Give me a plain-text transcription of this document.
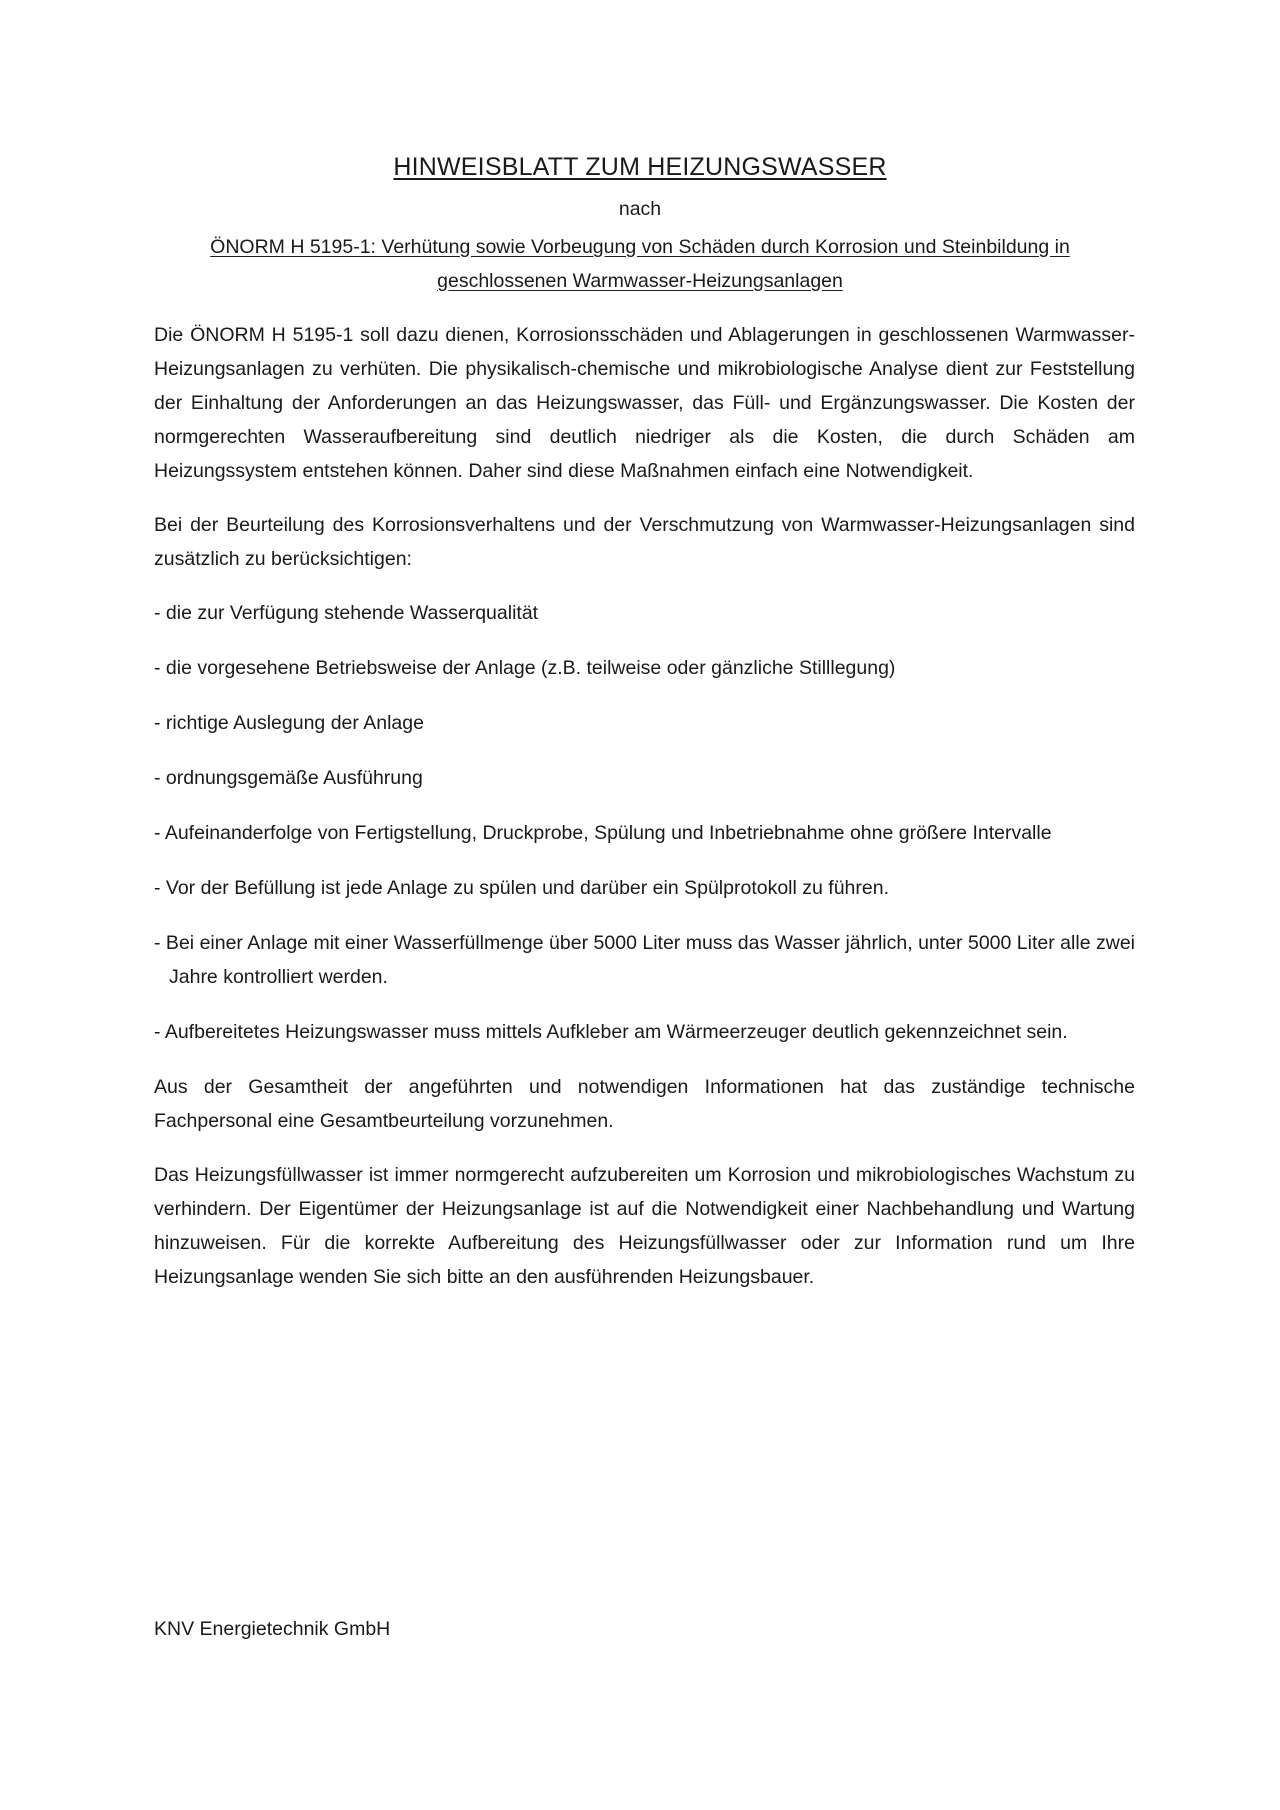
HINWEISBLATT ZUM HEIZUNGSWASSER

nach

ÖNORM H 5195-1: Verhütung sowie Vorbeugung von Schäden durch Korrosion und Steinbildung in geschlossenen Warmwasser-Heizungsanlagen

Die ÖNORM H 5195-1 soll dazu dienen, Korrosionsschäden und Ablagerungen in geschlossenen Warmwasser-Heizungsanlagen zu verhüten. Die physikalisch-chemische und mikrobiologische Analyse dient zur Feststellung der Einhaltung der Anforderungen an das Heizungswasser, das Füll- und Ergänzungswasser. Die Kosten der normgerechten Wasseraufbereitung sind deutlich niedriger als die Kosten, die durch Schäden am Heizungssystem entstehen können. Daher sind diese Maßnahmen einfach eine Notwendigkeit.

Bei der Beurteilung des Korrosionsverhaltens und der Verschmutzung von Warmwasser-Heizungsanlagen sind zusätzlich zu berücksichtigen:

- die zur Verfügung stehende Wasserqualität
- die vorgesehene Betriebsweise der Anlage (z.B. teilweise oder gänzliche Stilllegung)
- richtige Auslegung der Anlage
- ordnungsgemäße Ausführung
- Aufeinanderfolge von Fertigstellung, Druckprobe, Spülung und Inbetriebnahme ohne größere Intervalle
- Vor der Befüllung ist jede Anlage zu spülen und darüber ein Spülprotokoll zu führen.
- Bei einer Anlage mit einer Wasserfüllmenge über 5000 Liter muss das Wasser jährlich, unter 5000 Liter alle zwei Jahre kontrolliert werden.
- Aufbereitetes Heizungswasser muss mittels Aufkleber am Wärmeerzeuger deutlich gekennzeichnet sein.

Aus der Gesamtheit der angeführten und notwendigen Informationen hat das zuständige technische Fachpersonal eine Gesamtbeurteilung vorzunehmen.

Das Heizungsfüllwasser ist immer normgerecht aufzubereiten um Korrosion und mikrobiologisches Wachstum zu verhindern. Der Eigentümer der Heizungsanlage ist auf die Notwendigkeit einer Nachbehandlung und Wartung hinzuweisen. Für die korrekte Aufbereitung des Heizungsfüllwasser oder zur Information rund um Ihre Heizungsanlage wenden Sie sich bitte an den ausführenden Heizungsbauer.

KNV Energietechnik GmbH
